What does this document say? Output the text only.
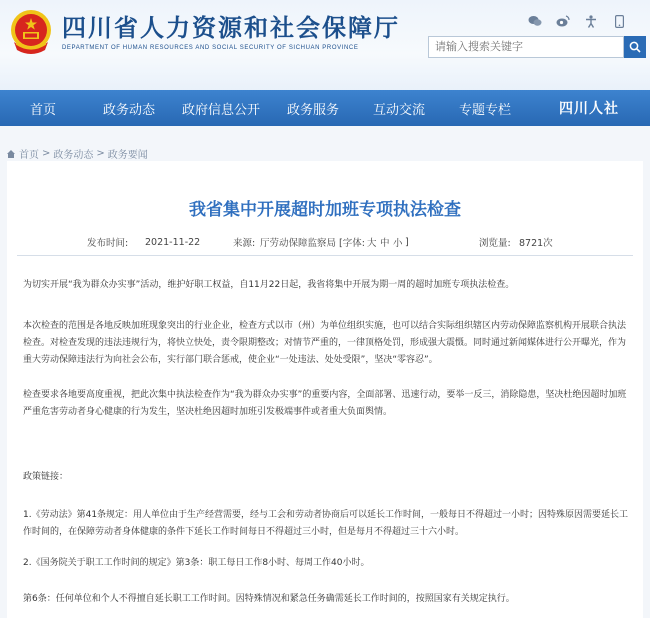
四川省人力资源和社会保障厅
DEPARTMENT OF HUMAN RESOURCES AND SOCIAL SECURITY OF SICHUAN PROVINCE
请输入搜索关键字
首页	政务动态	政府信息公开	政务服务	互动交流	专题专栏	四川人社
首页 > 政务动态 > 政务要闻
我省集中开展超时加班专项执法检查
发布时间: 2021-11-22	来源: 厅劳动保障监察局 [字体: 大 中 小 ]	浏览量: 8721次

为切实开展“我为群众办实事”活动，维护好职工权益，自11月22日起，我省将集中开展为期一周的超时加班专项执法检查。

本次检查的范围是各地反映加班现象突出的行业企业，检查方式以市（州）为单位组织实施，也可以结合实际组织辖区内劳动保障监察机构开展联合执法检查。对检查发现的违法违规行为，将快立快处，责令限期整改；对情节严重的，一律顶格处罚，形成强大震慑。同时通过新闻媒体进行公开曝光，作为重大劳动保障违法行为向社会公布，实行部门联合惩戒，使企业“一处违法、处处受限”，坚决“零容忍”。

检查要求各地要高度重视，把此次集中执法检查作为“我为群众办实事”的重要内容，全面部署、迅速行动，要举一反三，消除隐患，坚决杜绝因超时加班严重危害劳动者身心健康的行为发生，坚决杜绝因超时加班引发极端事件或者重大负面舆情。

政策链接：

1.《劳动法》第41条规定：用人单位由于生产经营需要，经与工会和劳动者协商后可以延长工作时间，一般每日不得超过一小时；因特殊原因需要延长工作时间的，在保障劳动者身体健康的条件下延长工作时间每日不得超过三小时，但是每月不得超过三十六小时。

2.《国务院关于职工工作时间的规定》第3条：职工每日工作8小时、每周工作40小时。

第6条：任何单位和个人不得擅自延长职工工作时间。因特殊情况和紧急任务确需延长工作时间的，按照国家有关规定执行。
